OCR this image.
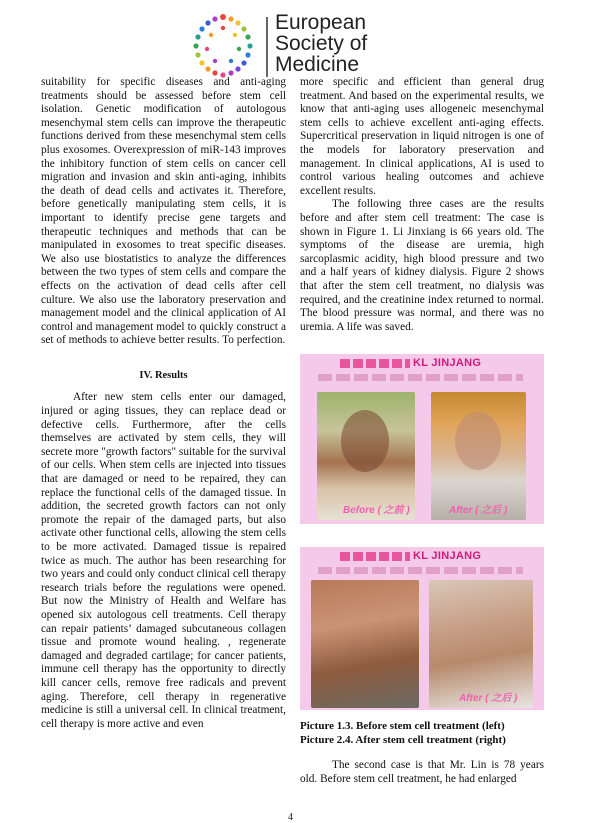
European
Society of
Medicine

suitability for specific diseases and anti-aging treatments should be assessed before stem cell isolation. Genetic modification of autologous mesenchymal stem cells can improve the therapeutic functions derived from these mesenchymal stem cells plus exosomes. Overexpression of miR-143 improves the inhibitory function of stem cells on cancer cell migration and invasion and skin anti-aging, inhibits the death of dead cells and activates it. Therefore, before genetically manipulating stem cells, it is important to identify precise gene targets and therapeutic techniques and methods that can be manipulated in exosomes to treat specific diseases. We also use biostatistics to analyze the differences between the two types of stem cells and compare the effects on the activation of dead cells after cell culture. We also use the laboratory preservation and management model and the clinical application of AI control and management model to quickly construct a set of methods to achieve better results. To perfection.

IV. Results

After new stem cells enter our damaged, injured or aging tissues, they can replace dead or defective cells. Furthermore, after the cells themselves are activated by stem cells, they will secrete more "growth factors" suitable for the survival of our cells. When stem cells are injected into tissues that are damaged or need to be repaired, they can replace the functional cells of the damaged tissue. In addition, the secreted growth factors can not only promote the repair of the damaged parts, but also activate other functional cells, allowing the stem cells to be more activated. Damaged tissue is repaired twice as much. The author has been researching for two years and could only conduct clinical cell therapy research trials before the regulations were opened. But now the Ministry of Health and Welfare has opened six autologous cell treatments. Cell therapy can repair patients’ damaged subcutaneous collagen tissue and promote wound healing. , regenerate damaged and degraded cartilage; for cancer patients, immune cell therapy has the opportunity to directly kill cancer cells, remove free radicals and prevent aging. Therefore, cell therapy in regenerative medicine is still a universal cell. In clinical treatment, cell therapy is more active and even

more specific and efficient than general drug treatment. And based on the experimental results, we know that anti-aging uses allogeneic mesenchymal stem cells to achieve excellent anti-aging effects. Supercritical preservation in liquid nitrogen is one of the models for laboratory preservation and management. In clinical applications, AI is used to control various healing outcomes and achieve excellent results.

The following three cases are the results before and after stem cell treatment: The case is shown in Figure 1. Li Jinxiang is 66 years old. The symptoms of the disease are uremia, high sarcoplasmic acidity, high blood pressure and two and a half years of kidney dialysis. Figure 2 shows that after the stem cell treatment, no dialysis was required, and the creatinine index returned to normal. The blood pressure was normal, and there was no uremia. A life was saved.

KL JINJANG
Before ( 之前 )	After ( 之后 )
KL JINJANG
After ( 之后 )
Picture 1.3. Before stem cell treatment (left)
Picture 2.4. After stem cell treatment (right)

The second case is that Mr. Lin is 78 years old. Before stem cell treatment, he had enlarged

4
